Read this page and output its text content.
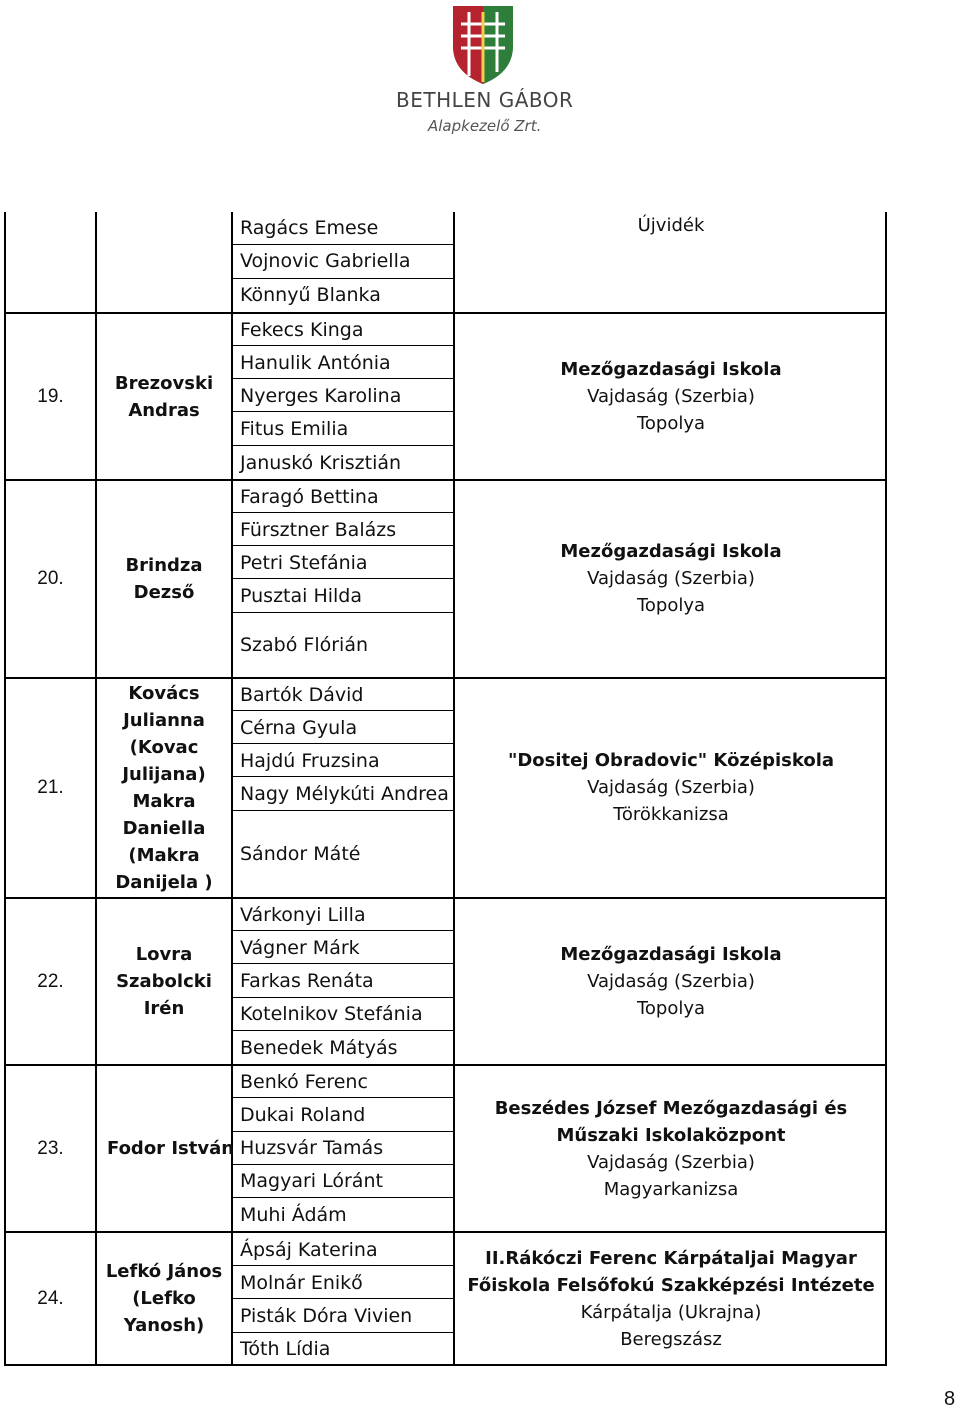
BETHLEN GÁBOR
Alapkezelő Zrt.
Ragács Emese
Vojnovic Gabriella
Könnyű Blanka
Újvidék
19.
Brezovski
Andras
Fekecs Kinga
Hanulik Antónia
Nyerges Karolina
Fitus Emilia
Januskó Krisztián
Mezőgazdasági Iskola
Vajdaság (Szerbia)
Topolya
20.
Brindza
Dezső
Faragó Bettina
Fürsztner Balázs
Petri Stefánia
Pusztai Hilda
Szabó Flórián
Mezőgazdasági Iskola
Vajdaság (Szerbia)
Topolya
21.
Kovács
Julianna
(Kovac
Julijana)
Makra
Daniella
(Makra
Danijela )
Bartók Dávid
Cérna Gyula
Hajdú Fruzsina
Nagy Mélykúti Andrea
Sándor Máté
"Dositej Obradovic" Középiskola
Vajdaság (Szerbia)
Törökkanizsa
22.
Lovra
Szabolcki
Irén
Várkonyi Lilla
Vágner Márk
Farkas Renáta
Kotelnikov Stefánia
Benedek Mátyás
Mezőgazdasági Iskola
Vajdaság (Szerbia)
Topolya
23.	Fodor István
Benkó Ferenc
Dukai Roland
Huzsvár Tamás
Magyari Lóránt
Muhi Ádám
Beszédes József Mezőgazdasági és Műszaki Iskolaközpont
Vajdaság (Szerbia)
Magyarkanizsa
24.
Lefkó János
(Lefko
Yanosh)
Ápsáj Katerina
Molnár Enikő
Pisták Dóra Vivien
Tóth Lídia
II.Rákóczi Ferenc Kárpátaljai Magyar Főiskola Felsőfokú Szakképzési Intézete
Kárpátalja (Ukrajna)
Beregszász
8
